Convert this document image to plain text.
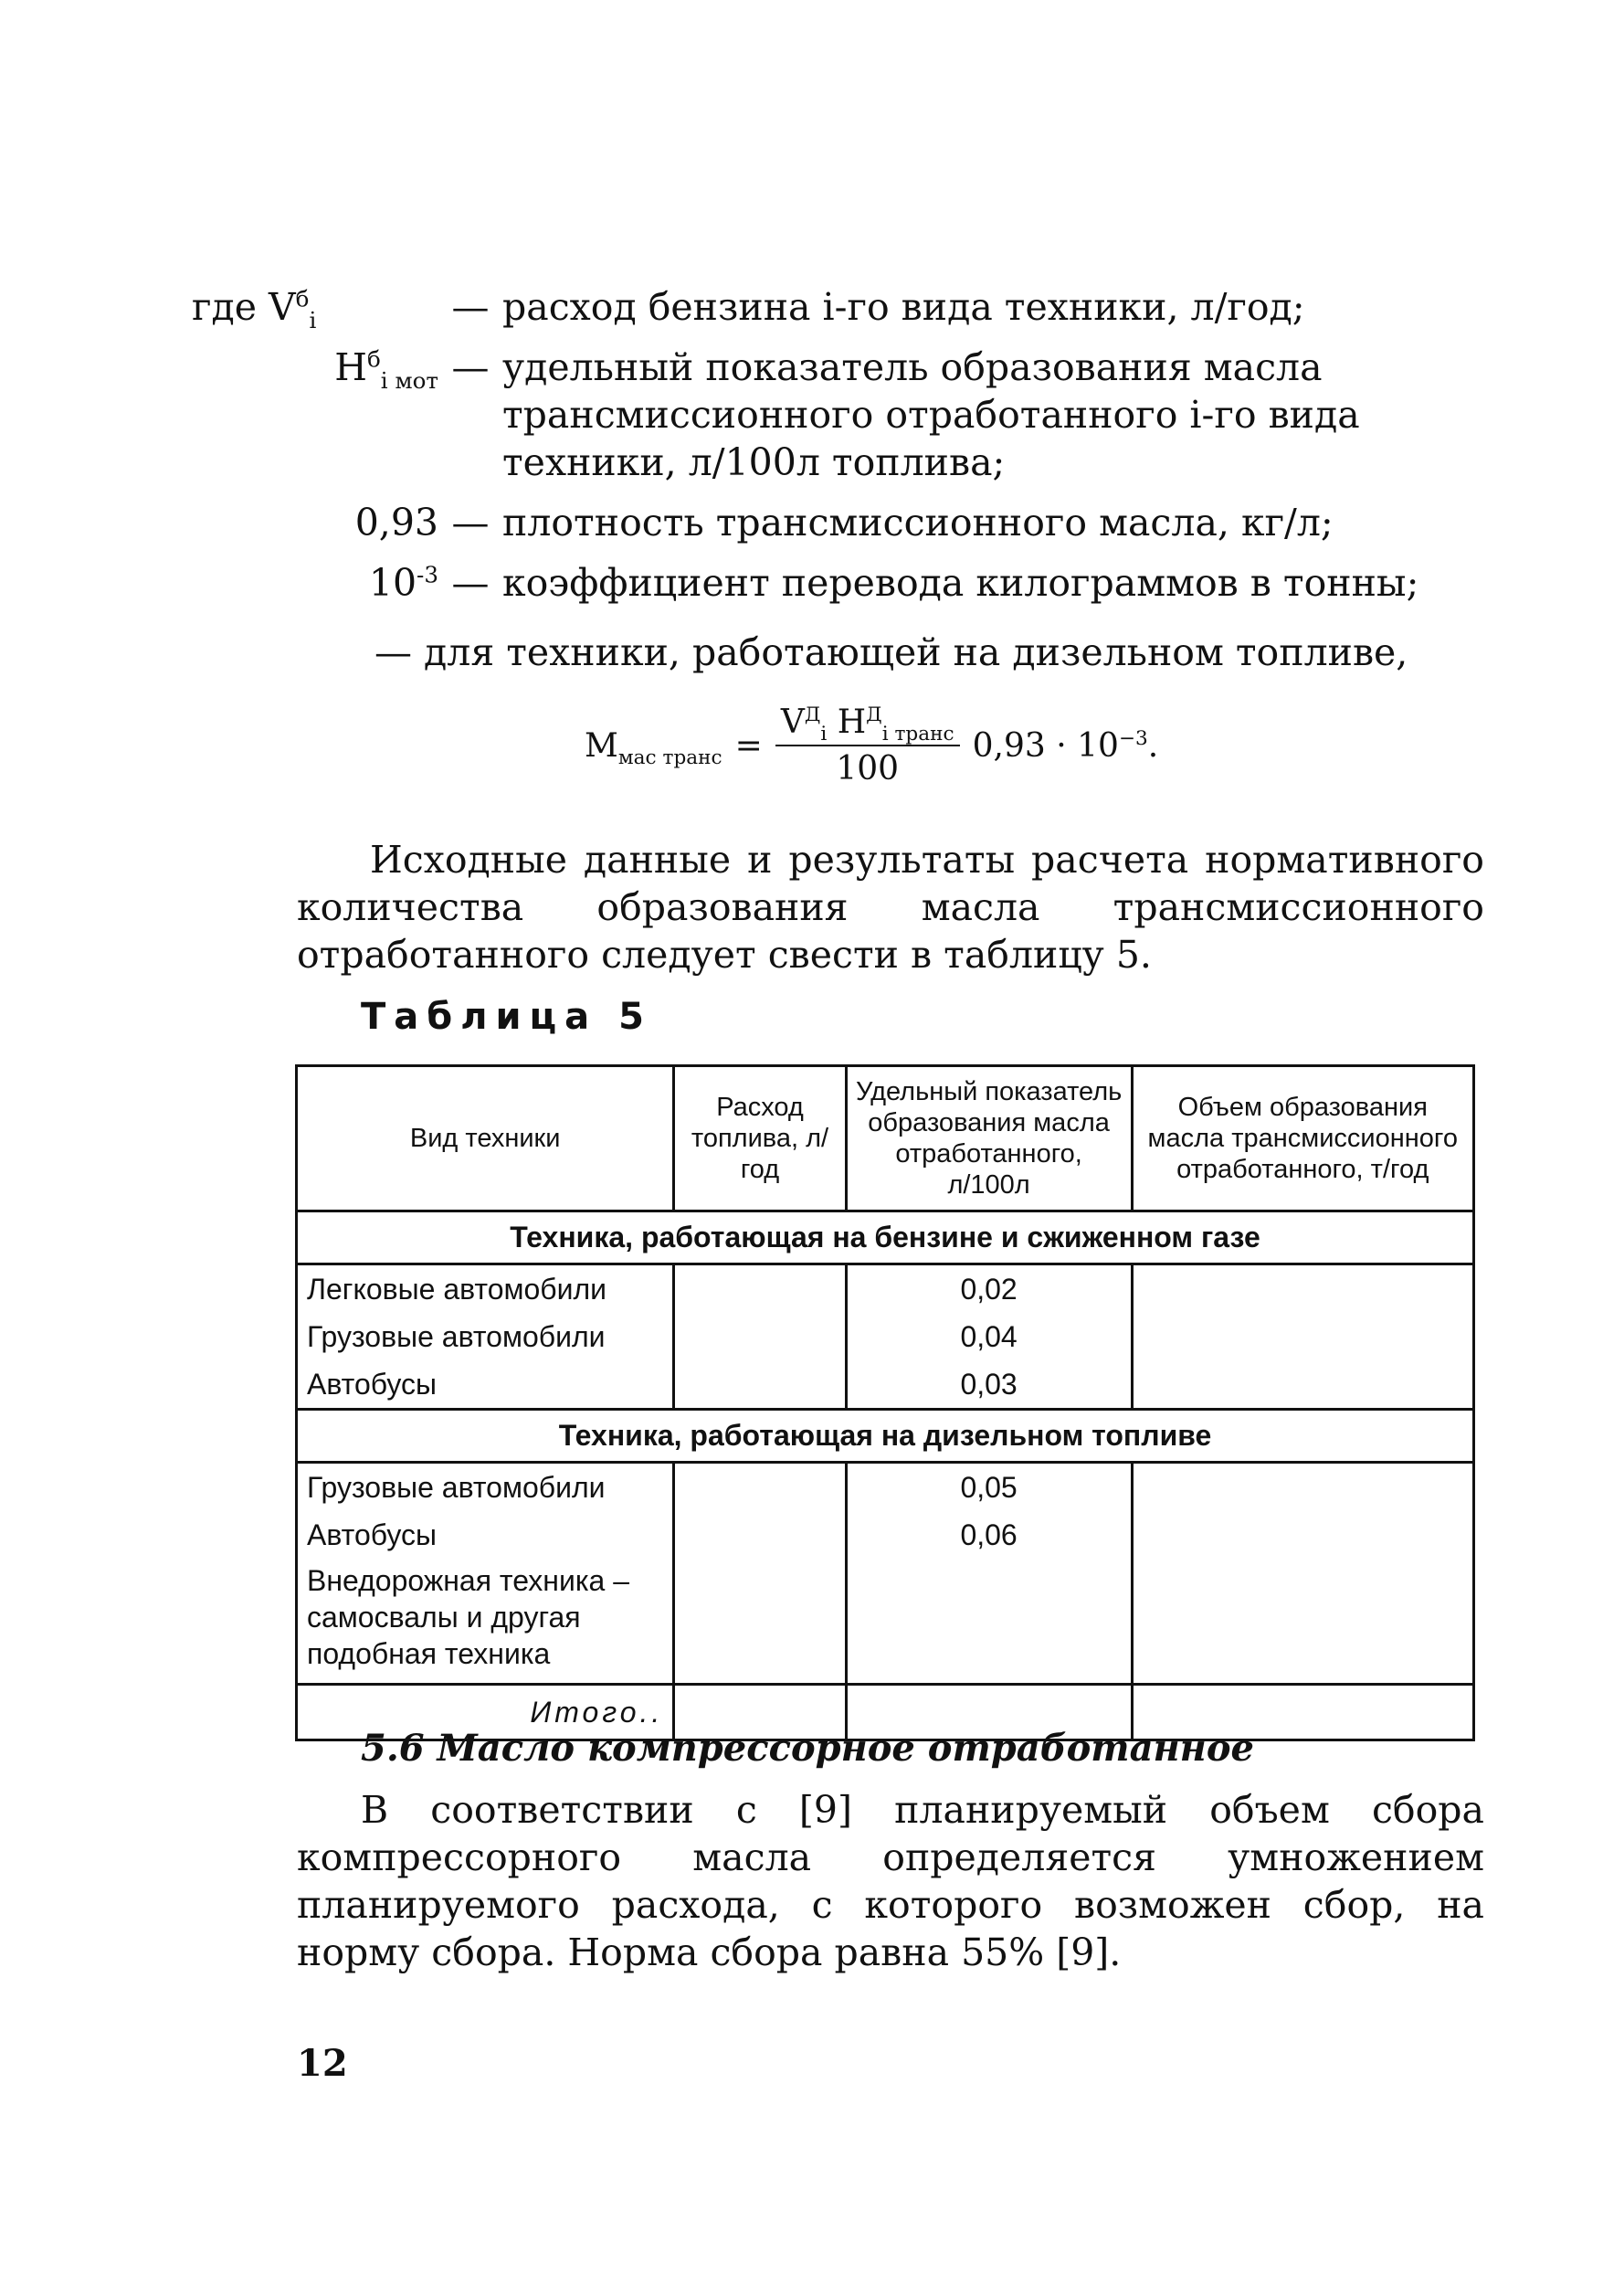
где $V^б_i$	— расход бензина i-го вида техники, л/год;
$H^б_{i мот}$ — удельный показатель образования масла трансмиссионного отработанного i-го вида техники, л/100л топлива;
0,93 — плотность трансмиссионного масла, кг/л;
$10^{-3}$ — коэффициент перевода килограммов в тонны;
— для техники, работающей на дизельном топливе,
$M_{мас транс} = \frac{V^Д_i H^Д_{i транс}}{100} 0,93 \cdot 10^{-3}$.

Исходные данные и результаты расчета нормативного количества образования масла трансмиссионного отработанного следует свести в таблицу 5.

Таблица 5
Вид техники	Расход топлива, л/год	Удельный показатель образования масла отработанного, л/100л	Объем образования масла трансмиссионного отработанного, т/год
Техника, работающая на бензине и сжиженном газе			
Легковые автомобили		0,02	
Грузовые автомобили		0,04	
Автобусы		0,03	
Техника, работающая на дизельном топливе			
Грузовые автомобили		0,05	
Автобусы		0,06	
Внедорожная техника – самосвалы и другая подобная техника			
Итого..			
5.6 Масло компрессорное отработанное

В соответствии с [9] планируемый объем сбора компрессорного масла определяется умножением планируемого расхода, с которого возможен сбор, на норму сбора. Норма сбора равна 55% [9].

12
